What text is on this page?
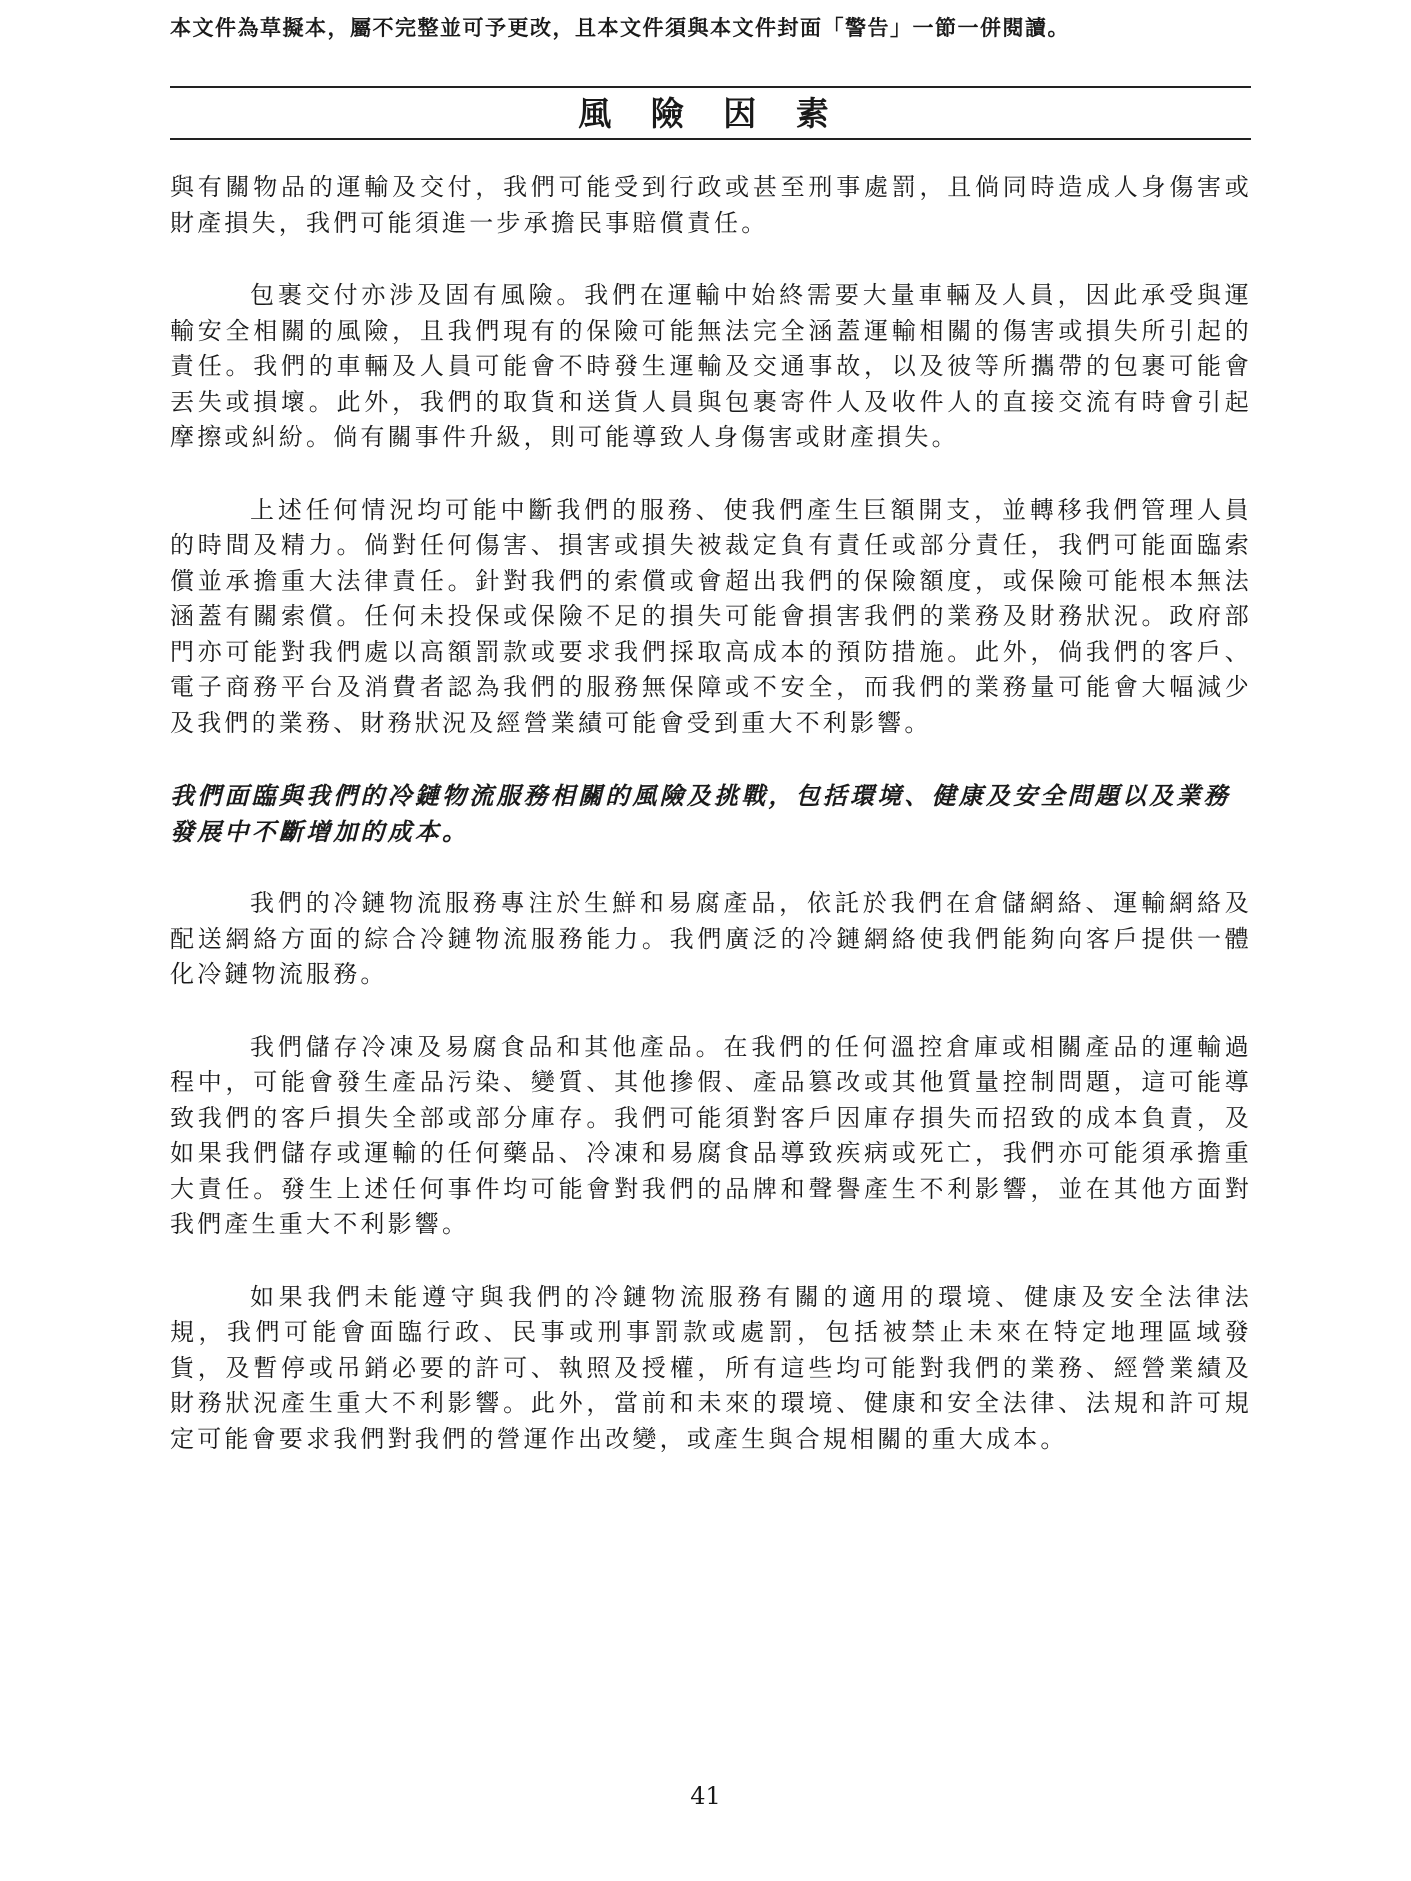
本文件為草擬本，屬不完整並可予更改，且本文件須與本文件封面「警告」一節一併閱讀。
風 險 因 素

與有關物品的運輸及交付，我們可能受到行政或甚至刑事處罰，且倘同時造成人身傷害或財產損失，我們可能須進一步承擔民事賠償責任。

包裹交付亦涉及固有風險。我們在運輸中始終需要大量車輛及人員，因此承受與運輸安全相關的風險，且我們現有的保險可能無法完全涵蓋運輸相關的傷害或損失所引起的責任。我們的車輛及人員可能會不時發生運輸及交通事故，以及彼等所攜帶的包裹可能會丟失或損壞。此外，我們的取貨和送貨人員與包裹寄件人及收件人的直接交流有時會引起摩擦或糾紛。倘有關事件升級，則可能導致人身傷害或財產損失。

上述任何情況均可能中斷我們的服務、使我們產生巨額開支，並轉移我們管理人員的時間及精力。倘對任何傷害、損害或損失被裁定負有責任或部分責任，我們可能面臨索償並承擔重大法律責任。針對我們的索償或會超出我們的保險額度，或保險可能根本無法涵蓋有關索償。任何未投保或保險不足的損失可能會損害我們的業務及財務狀況。政府部門亦可能對我們處以高額罰款或要求我們採取高成本的預防措施。此外，倘我們的客戶、電子商務平台及消費者認為我們的服務無保障或不安全，而我們的業務量可能會大幅減少及我們的業務、財務狀況及經營業績可能會受到重大不利影響。

我們面臨與我們的冷鏈物流服務相關的風險及挑戰，包括環境、健康及安全問題以及業務發展中不斷增加的成本。

我們的冷鏈物流服務專注於生鮮和易腐產品，依託於我們在倉儲網絡、運輸網絡及配送網絡方面的綜合冷鏈物流服務能力。我們廣泛的冷鏈網絡使我們能夠向客戶提供一體化冷鏈物流服務。

我們儲存冷凍及易腐食品和其他產品。在我們的任何溫控倉庫或相關產品的運輸過程中，可能會發生產品污染、變質、其他摻假、產品篡改或其他質量控制問題，這可能導致我們的客戶損失全部或部分庫存。我們可能須對客戶因庫存損失而招致的成本負責，及如果我們儲存或運輸的任何藥品、冷凍和易腐食品導致疾病或死亡，我們亦可能須承擔重大責任。發生上述任何事件均可能會對我們的品牌和聲譽產生不利影響，並在其他方面對我們產生重大不利影響。

如果我們未能遵守與我們的冷鏈物流服務有關的適用的環境、健康及安全法律法規，我們可能會面臨行政、民事或刑事罰款或處罰，包括被禁止未來在特定地理區域發貨，及暫停或吊銷必要的許可、執照及授權，所有這些均可能對我們的業務、經營業績及財務狀況產生重大不利影響。此外，當前和未來的環境、健康和安全法律、法規和許可規定可能會要求我們對我們的營運作出改變，或產生與合規相關的重大成本。

41
